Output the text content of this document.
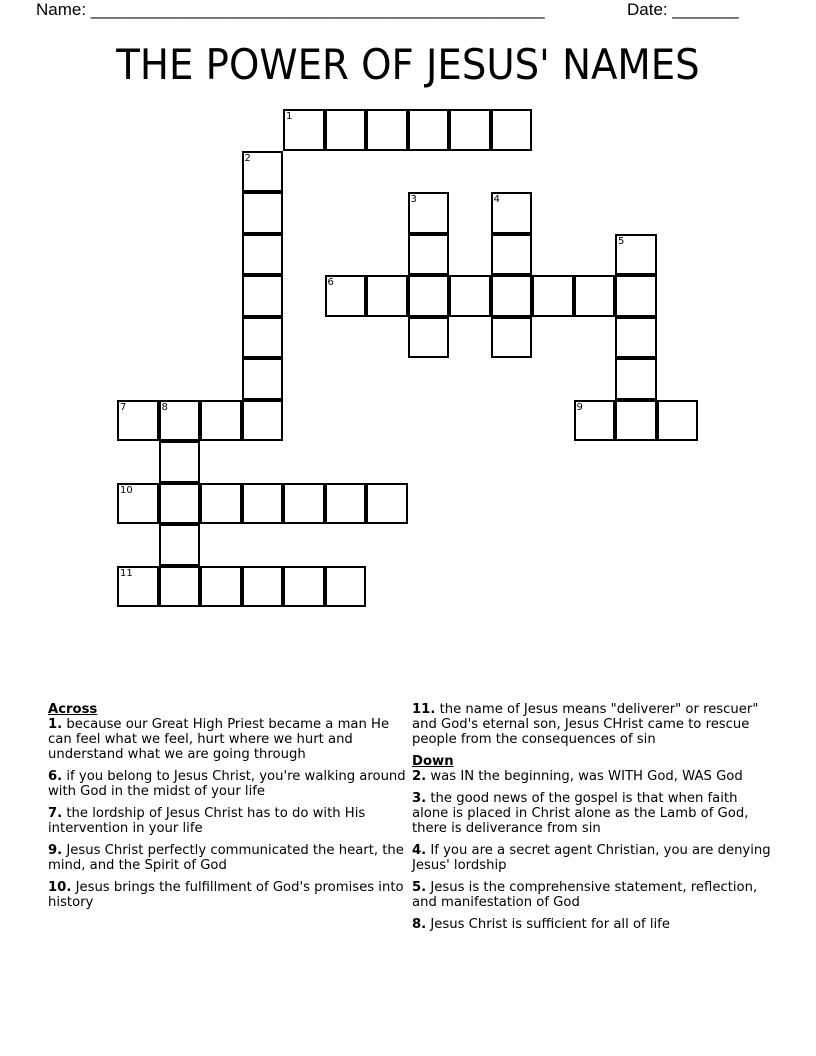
Name: ________________________________________________	Date: _______
THE POWER OF JESUS' NAMES
1
2
3	4
5
6
7	8	9
10
11
Across

1. because our Great High Priest became a man He can feel what we feel, hurt where we hurt and understand what we are going through

6. if you belong to Jesus Christ, you're walking around with God in the midst of your life

7. the lordship of Jesus Christ has to do with His intervention in your life

9. Jesus Christ perfectly communicated the heart, the mind, and the Spirit of God

10. Jesus brings the fulfillment of God's promises into history

11. the name of Jesus means "deliverer" or rescuer" and God's eternal son, Jesus CHrist came to rescue people from the consequences of sin

Down

2. was IN the beginning, was WITH God, WAS God

3. the good news of the gospel is that when faith alone is placed in Christ alone as the Lamb of God, there is deliverance from sin

4. If you are a secret agent Christian, you are denying Jesus' lordship

5. Jesus is the comprehensive statement, reflection, and manifestation of God

8. Jesus Christ is sufficient for all of life
